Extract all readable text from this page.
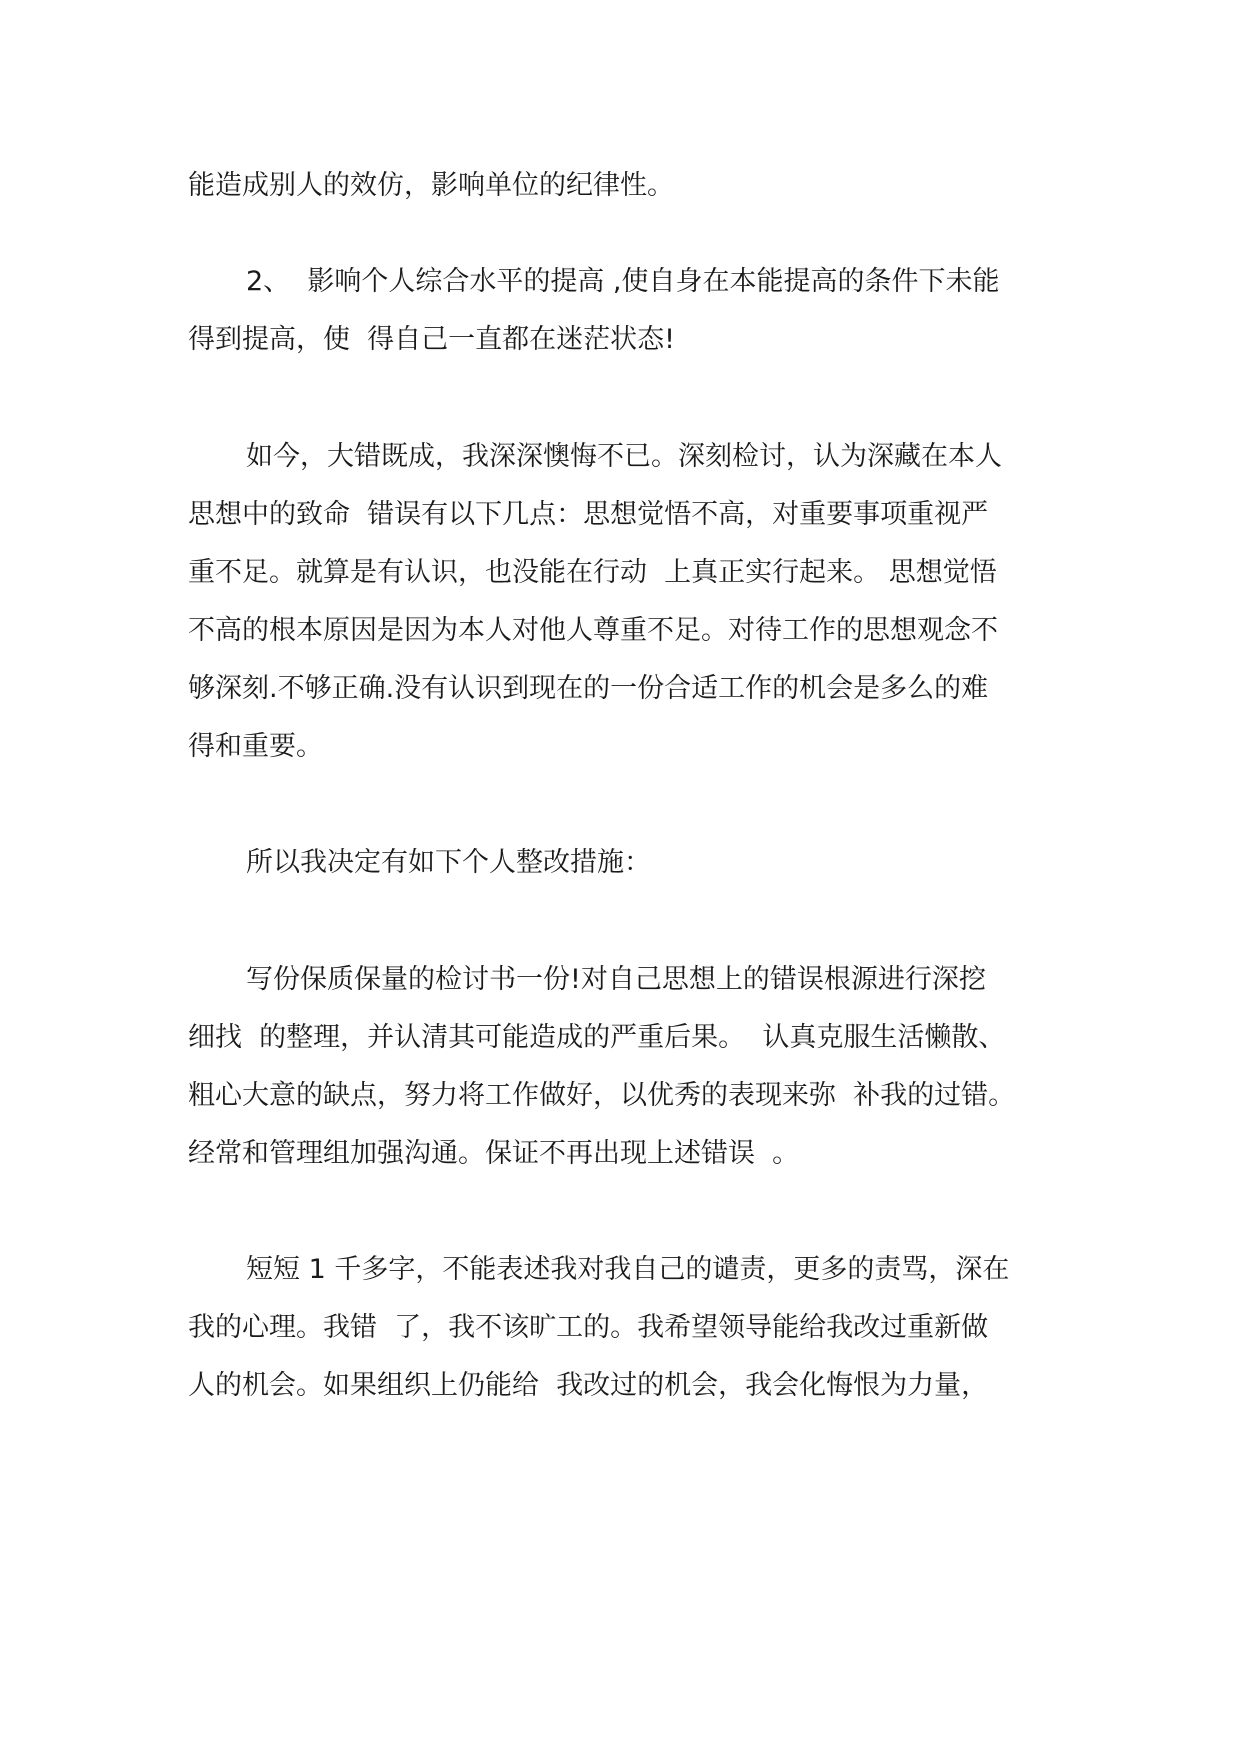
能造成别人的效仿，影响单位的纪律性。

2、  影响个人综合水平的提高 ,使自身在本能提高的条件下未能

得到提高，使  得自己一直都在迷茫状态!

如今，大错既成，我深深懊悔不已。深刻检讨，认为深藏在本人

思想中的致命  错误有以下几点：思想觉悟不高，对重要事项重视严

重不足。就算是有认识，也没能在行动  上真正实行起来。 思想觉悟

不高的根本原因是因为本人对他人尊重不足。对待工作的思想观念不

够深刻.不够正确.没有认识到现在的一份合适工作的机会是多么的难

得和重要。

所以我决定有如下个人整改措施：

写份保质保量的检讨书一份!对自己思想上的错误根源进行深挖

细找  的整理，并认清其可能造成的严重后果。  认真克服生活懒散、

粗心大意的缺点，努力将工作做好，以优秀的表现来弥  补我的过错。

经常和管理组加强沟通。保证不再出现上述错误  。

短短 1 千多字，不能表述我对我自己的谴责，更多的责骂，深在

我的心理。我错  了，我不该旷工的。我希望领导能给我改过重新做

人的机会。如果组织上仍能给  我改过的机会，我会化悔恨为力量，
